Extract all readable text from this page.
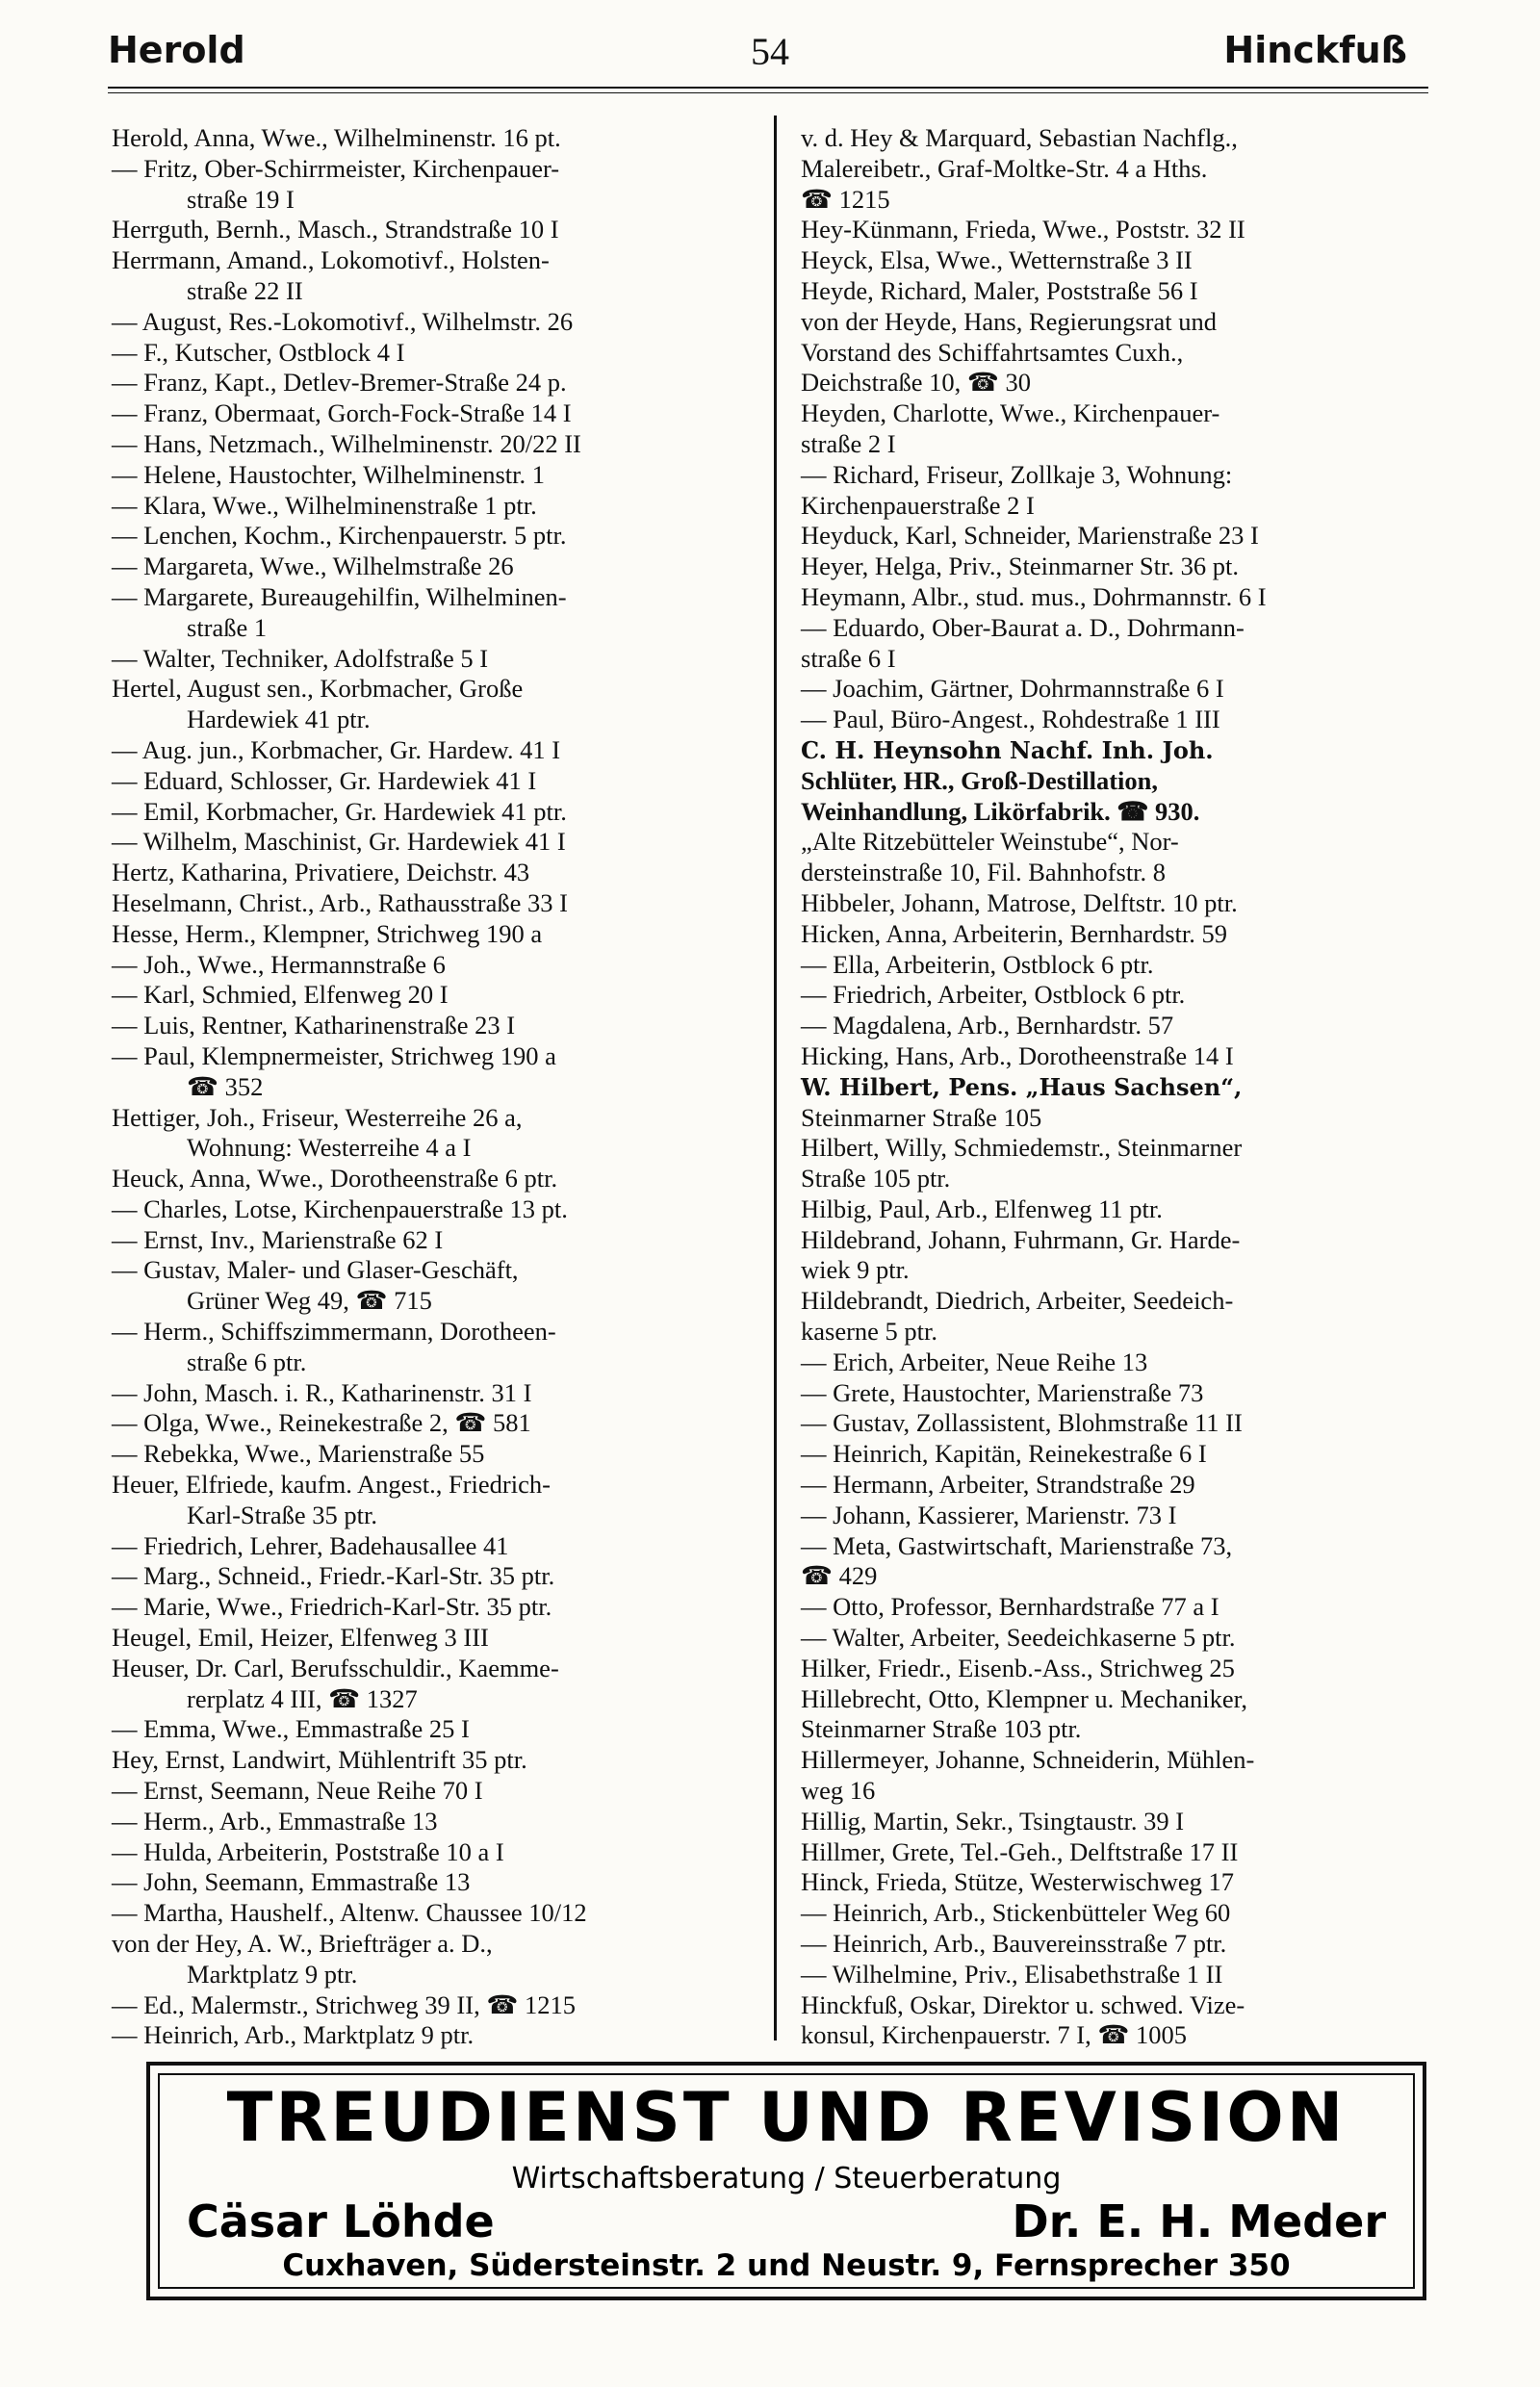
Herold	54	Hinckfuß
Herold, Anna, Wwe., Wilhelminenstr. 16 pt.
— Fritz, Ober-Schirrmeister, Kirchenpauer-
straße 19 I
Herrguth, Bernh., Masch., Strandstraße 10 I
Herrmann, Amand., Lokomotivf., Holsten-
straße 22 II
— August, Res.-Lokomotivf., Wilhelmstr. 26
— F., Kutscher, Ostblock 4 I
— Franz, Kapt., Detlev-Bremer-Straße 24 p.
— Franz, Obermaat, Gorch-Fock-Straße 14 I
— Hans, Netzmach., Wilhelminenstr. 20/22 II
— Helene, Haustochter, Wilhelminenstr. 1
— Klara, Wwe., Wilhelminenstraße 1 ptr.
— Lenchen, Kochm., Kirchenpauerstr. 5 ptr.
— Margareta, Wwe., Wilhelmstraße 26
— Margarete, Bureaugehilfin, Wilhelminen-
straße 1
— Walter, Techniker, Adolfstraße 5 I
Hertel, August sen., Korbmacher, Große
Hardewiek 41 ptr.
— Aug. jun., Korbmacher, Gr. Hardew. 41 I
— Eduard, Schlosser, Gr. Hardewiek 41 I
— Emil, Korbmacher, Gr. Hardewiek 41 ptr.
— Wilhelm, Maschinist, Gr. Hardewiek 41 I
Hertz, Katharina, Privatiere, Deichstr. 43
Heselmann, Christ., Arb., Rathausstraße 33 I
Hesse, Herm., Klempner, Strichweg 190 a
— Joh., Wwe., Hermannstraße 6
— Karl, Schmied, Elfenweg 20 I
— Luis, Rentner, Katharinenstraße 23 I
— Paul, Klempnermeister, Strichweg 190 a
☎ 352
Hettiger, Joh., Friseur, Westerreihe 26 a,
Wohnung: Westerreihe 4 a I
Heuck, Anna, Wwe., Dorotheenstraße 6 ptr.
— Charles, Lotse, Kirchenpauerstraße 13 pt.
— Ernst, Inv., Marienstraße 62 I
— Gustav, Maler- und Glaser-Geschäft,
Grüner Weg 49, ☎ 715
— Herm., Schiffszimmermann, Dorotheen-
straße 6 ptr.
— John, Masch. i. R., Katharinenstr. 31 I
— Olga, Wwe., Reinekestraße 2, ☎ 581
— Rebekka, Wwe., Marienstraße 55
Heuer, Elfriede, kaufm. Angest., Friedrich-
Karl-Straße 35 ptr.
— Friedrich, Lehrer, Badehausallee 41
— Marg., Schneid., Friedr.-Karl-Str. 35 ptr.
— Marie, Wwe., Friedrich-Karl-Str. 35 ptr.
Heugel, Emil, Heizer, Elfenweg 3 III
Heuser, Dr. Carl, Berufsschuldir., Kaemme-
rerplatz 4 III, ☎ 1327
— Emma, Wwe., Emmastraße 25 I
Hey, Ernst, Landwirt, Mühlentrift 35 ptr.
— Ernst, Seemann, Neue Reihe 70 I
— Herm., Arb., Emmastraße 13
— Hulda, Arbeiterin, Poststraße 10 a I
— John, Seemann, Emmastraße 13
— Martha, Haushelf., Altenw. Chaussee 10/12
von der Hey, A. W., Briefträger a. D.,
Marktplatz 9 ptr.
— Ed., Malermstr., Strichweg 39 II, ☎ 1215
— Heinrich, Arb., Marktplatz 9 ptr.
v. d. Hey & Marquard, Sebastian Nachflg.,
Malereibetr., Graf-Moltke-Str. 4 a Hths.
☎ 1215
Hey-Künmann, Frieda, Wwe., Poststr. 32 II
Heyck, Elsa, Wwe., Wetternstraße 3 II
Heyde, Richard, Maler, Poststraße 56 I
von der Heyde, Hans, Regierungsrat und
Vorstand des Schiffahrtsamtes Cuxh.,
Deichstraße 10, ☎ 30
Heyden, Charlotte, Wwe., Kirchenpauer-
straße 2 I
— Richard, Friseur, Zollkaje 3, Wohnung:
Kirchenpauerstraße 2 I
Heyduck, Karl, Schneider, Marienstraße 23 I
Heyer, Helga, Priv., Steinmarner Str. 36 pt.
Heymann, Albr., stud. mus., Dohrmannstr. 6 I
— Eduardo, Ober-Baurat a. D., Dohrmann-
straße 6 I
— Joachim, Gärtner, Dohrmannstraße 6 I
— Paul, Büro-Angest., Rohdestraße 1 III
C. H. Heynsohn Nachf. Inh. Joh.
Schlüter, HR., Groß-Destillation,
Weinhandlung, Likörfabrik. ☎ 930.
„Alte Ritzebütteler Weinstube“, Nor-
dersteinstraße 10, Fil. Bahnhofstr. 8
Hibbeler, Johann, Matrose, Delftstr. 10 ptr.
Hicken, Anna, Arbeiterin, Bernhardstr. 59
— Ella, Arbeiterin, Ostblock 6 ptr.
— Friedrich, Arbeiter, Ostblock 6 ptr.
— Magdalena, Arb., Bernhardstr. 57
Hicking, Hans, Arb., Dorotheenstraße 14 I
W. Hilbert, Pens. „Haus Sachsen“,
Steinmarner Straße 105
Hilbert, Willy, Schmiedemstr., Steinmarner
Straße 105 ptr.
Hilbig, Paul, Arb., Elfenweg 11 ptr.
Hildebrand, Johann, Fuhrmann, Gr. Harde-
wiek 9 ptr.
Hildebrandt, Diedrich, Arbeiter, Seedeich-
kaserne 5 ptr.
— Erich, Arbeiter, Neue Reihe 13
— Grete, Haustochter, Marienstraße 73
— Gustav, Zollassistent, Blohmstraße 11 II
— Heinrich, Kapitän, Reinekestraße 6 I
— Hermann, Arbeiter, Strandstraße 29
— Johann, Kassierer, Marienstr. 73 I
— Meta, Gastwirtschaft, Marienstraße 73,
☎ 429
— Otto, Professor, Bernhardstraße 77 a I
— Walter, Arbeiter, Seedeichkaserne 5 ptr.
Hilker, Friedr., Eisenb.-Ass., Strichweg 25
Hillebrecht, Otto, Klempner u. Mechaniker,
Steinmarner Straße 103 ptr.
Hillermeyer, Johanne, Schneiderin, Mühlen-
weg 16
Hillig, Martin, Sekr., Tsingtaustr. 39 I
Hillmer, Grete, Tel.-Geh., Delftstraße 17 II
Hinck, Frieda, Stütze, Westerwischweg 17
— Heinrich, Arb., Stickenbütteler Weg 60
— Heinrich, Arb., Bauvereinsstraße 7 ptr.
— Wilhelmine, Priv., Elisabethstraße 1 II
Hinckfuß, Oskar, Direktor u. schwed. Vize-
konsul, Kirchenpauerstr. 7 I, ☎ 1005
TREUDIENST UND REVISION
Wirtschaftsberatung / Steuerberatung
Cäsar Löhde	Dr. E. H. Meder
Cuxhaven, Südersteinstr. 2 und Neustr. 9, Fernsprecher 350
